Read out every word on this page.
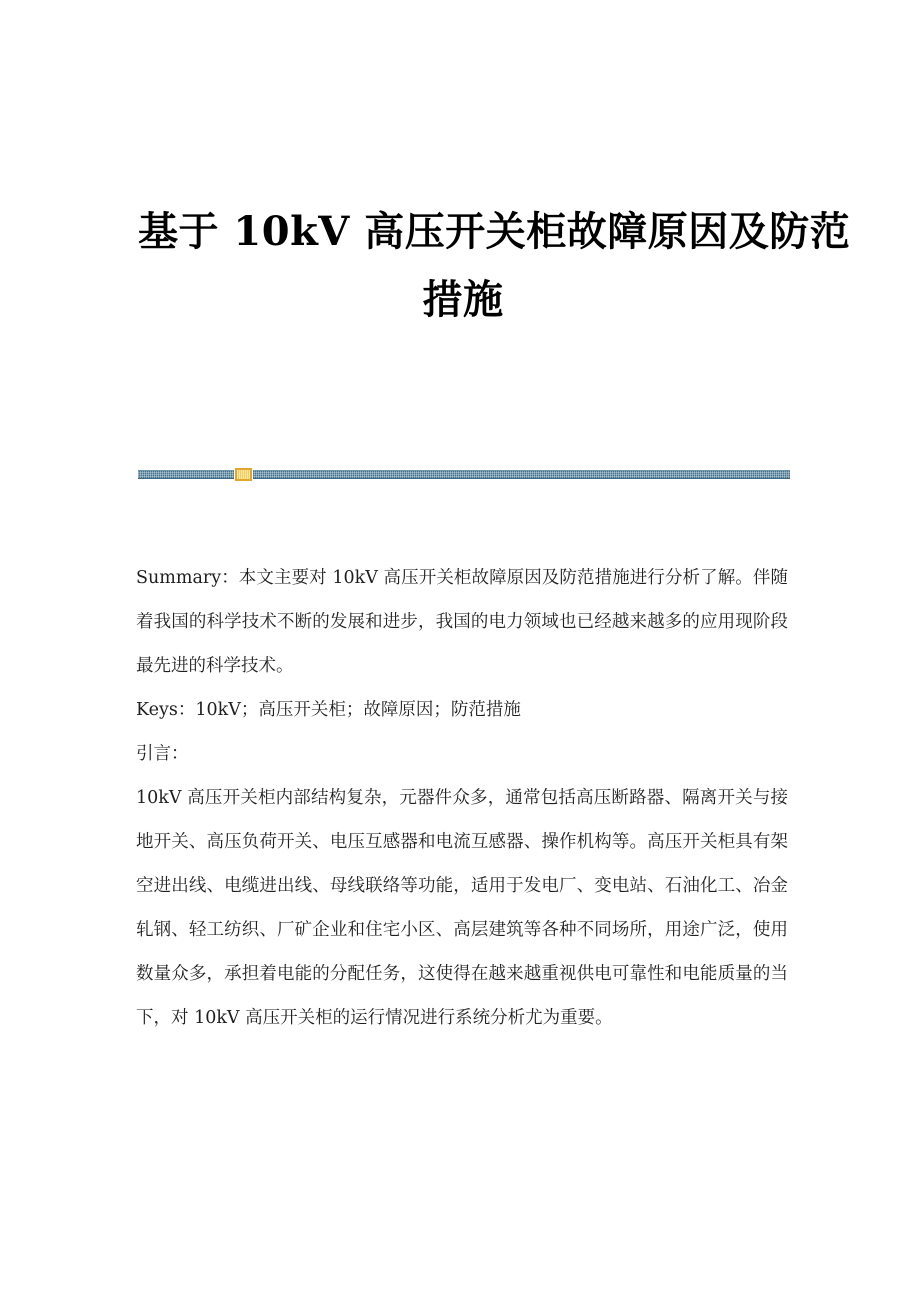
基于 10kV 高压开关柜故障原因及防范
措施

Summary：本文主要对 10kV 高压开关柜故障原因及防范措施进行分析了解。伴随着我国的科学技术不断的发展和进步，我国的电力领域也已经越来越多的应用现阶段最先进的科学技术。

Keys：10kV；高压开关柜；故障原因；防范措施

引言：

10kV 高压开关柜内部结构复杂，元器件众多，通常包括高压断路器、隔离开关与接地开关、高压负荷开关、电压互感器和电流互感器、操作机构等。高压开关柜具有架空进出线、电缆进出线、母线联络等功能，适用于发电厂、变电站、石油化工、冶金轧钢、轻工纺织、厂矿企业和住宅小区、高层建筑等各种不同场所，用途广泛，使用数量众多，承担着电能的分配任务，这使得在越来越重视供电可靠性和电能质量的当下，对 10kV 高压开关柜的运行情况进行系统分析尤为重要。
